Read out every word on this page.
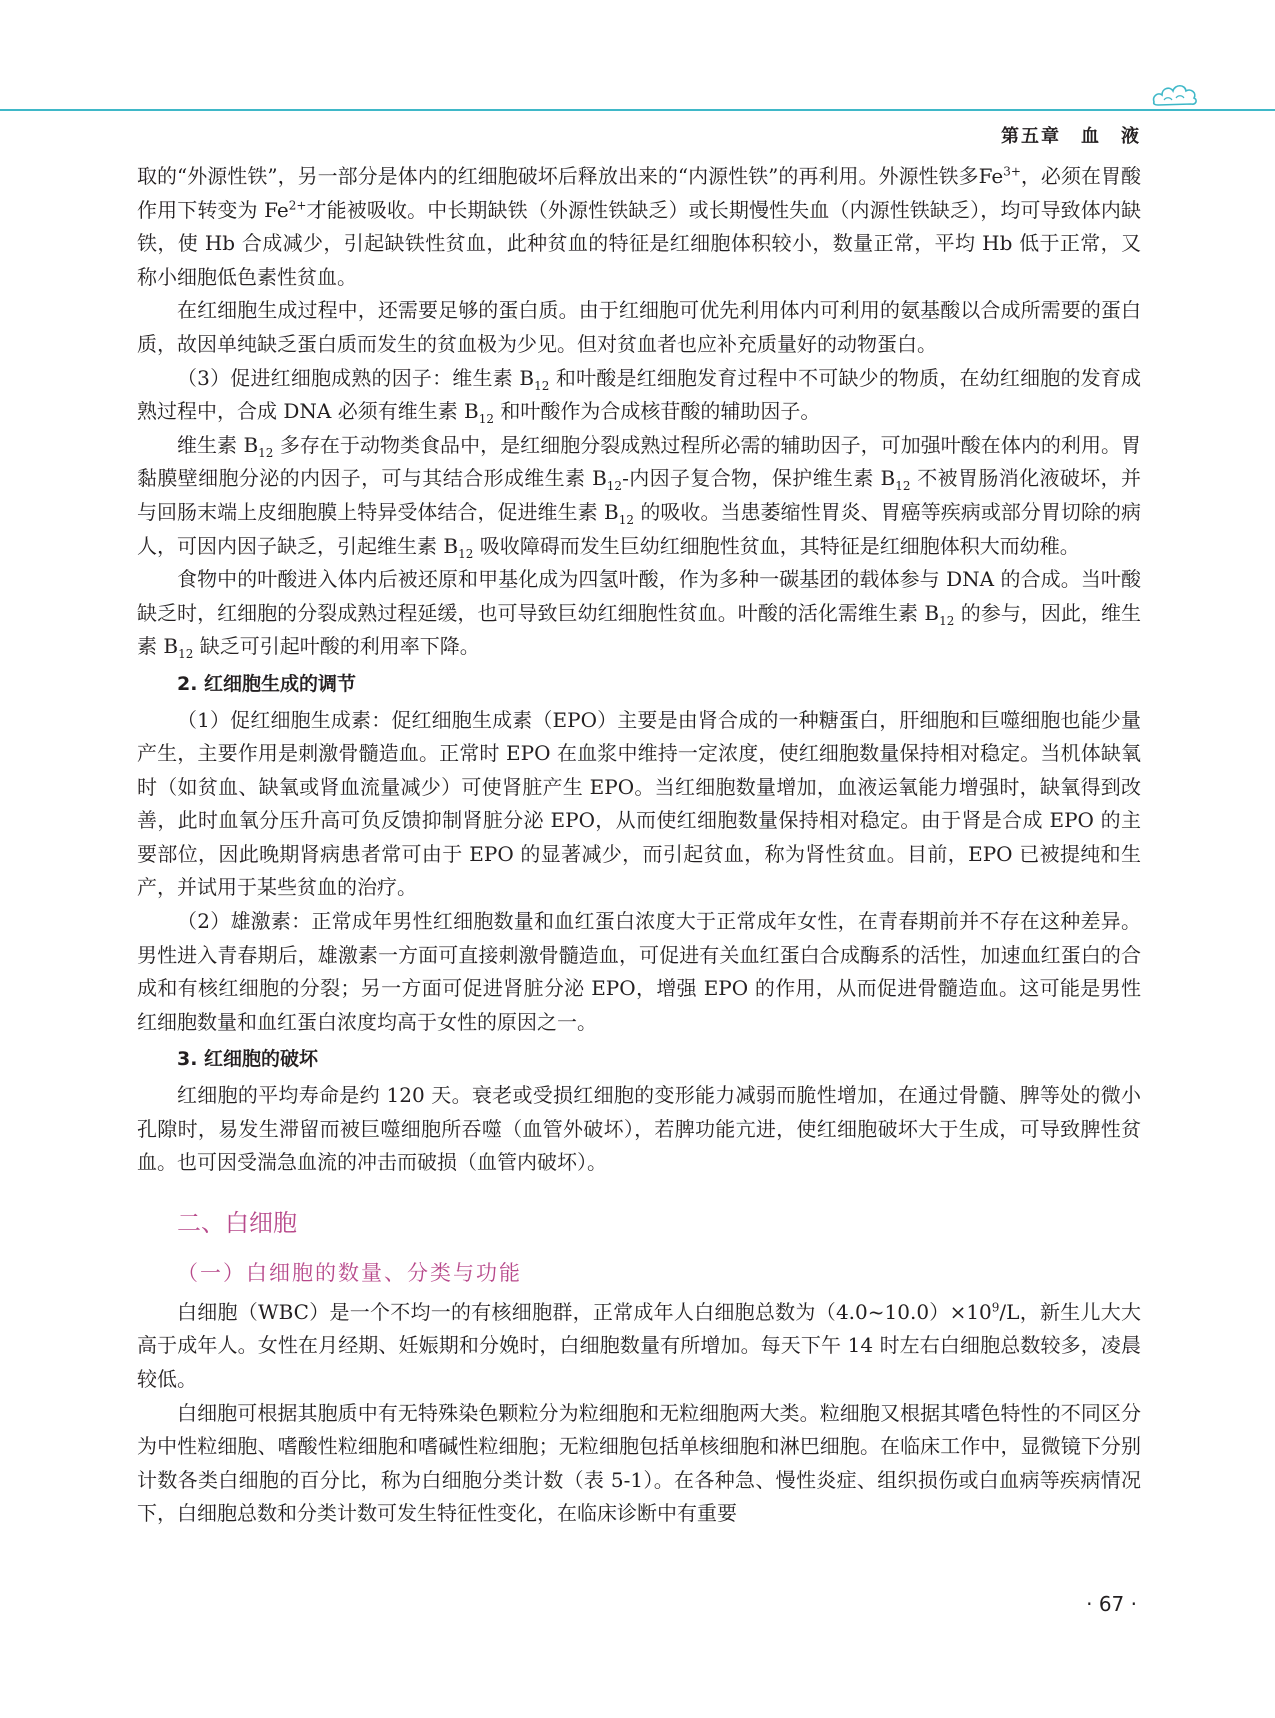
第五章　血　液

取的“外源性铁”，另一部分是体内的红细胞破坏后释放出来的“内源性铁”的再利用。外源性铁多$Fe^{3+}$，必须在胃酸作用下转变为 $Fe^{2+}$才能被吸收。中长期缺铁（外源性铁缺乏）或长期慢性失血（内源性铁缺乏），均可导致体内缺铁，使 Hb 合成减少，引起缺铁性贫血，此种贫血的特征是红细胞体积较小，数量正常，平均 Hb 低于正常，又称小细胞低色素性贫血。

在红细胞生成过程中，还需要足够的蛋白质。由于红细胞可优先利用体内可利用的氨基酸以合成所需要的蛋白质，故因单纯缺乏蛋白质而发生的贫血极为少见。但对贫血者也应补充质量好的动物蛋白。

（3）促进红细胞成熟的因子：维生素 $B_{12}$ 和叶酸是红细胞发育过程中不可缺少的物质，在幼红细胞的发育成熟过程中，合成 DNA 必须有维生素 $B_{12}$ 和叶酸作为合成核苷酸的辅助因子。

维生素 $B_{12}$ 多存在于动物类食品中，是红细胞分裂成熟过程所必需的辅助因子，可加强叶酸在体内的利用。胃黏膜壁细胞分泌的内因子，可与其结合形成维生素 $B_{12}-$内因子复合物，保护维生素 $B_{12}$ 不被胃肠消化液破坏，并与回肠末端上皮细胞膜上特异受体结合，促进维生素 $B_{12}$ 的吸收。当患萎缩性胃炎、胃癌等疾病或部分胃切除的病人，可因内因子缺乏，引起维生素 $B_{12}$ 吸收障碍而发生巨幼红细胞性贫血，其特征是红细胞体积大而幼稚。

食物中的叶酸进入体内后被还原和甲基化成为四氢叶酸，作为多种一碳基团的载体参与 DNA 的合成。当叶酸缺乏时，红细胞的分裂成熟过程延缓，也可导致巨幼红细胞性贫血。叶酸的活化需维生素 $B_{12}$ 的参与，因此，维生素 $B_{12}$ 缺乏可引起叶酸的利用率下降。

2. 红细胞生成的调节

（1）促红细胞生成素：促红细胞生成素（EPO）主要是由肾合成的一种糖蛋白，肝细胞和巨噬细胞也能少量产生，主要作用是刺激骨髓造血。正常时 EPO 在血浆中维持一定浓度，使红细胞数量保持相对稳定。当机体缺氧时（如贫血、缺氧或肾血流量减少）可使肾脏产生 EPO。当红细胞数量增加，血液运氧能力增强时，缺氧得到改善，此时血氧分压升高可负反馈抑制肾脏分泌 EPO，从而使红细胞数量保持相对稳定。由于肾是合成 EPO 的主要部位，因此晚期肾病患者常可由于 EPO 的显著减少，而引起贫血，称为肾性贫血。目前，EPO 已被提纯和生产，并试用于某些贫血的治疗。

（2）雄激素：正常成年男性红细胞数量和血红蛋白浓度大于正常成年女性，在青春期前并不存在这种差异。男性进入青春期后，雄激素一方面可直接刺激骨髓造血，可促进有关血红蛋白合成酶系的活性，加速血红蛋白的合成和有核红细胞的分裂；另一方面可促进肾脏分泌 EPO，增强 EPO 的作用，从而促进骨髓造血。这可能是男性红细胞数量和血红蛋白浓度均高于女性的原因之一。

3. 红细胞的破坏

红细胞的平均寿命是约 120 天。衰老或受损红细胞的变形能力减弱而脆性增加，在通过骨髓、脾等处的微小孔隙时，易发生滞留而被巨噬细胞所吞噬（血管外破坏），若脾功能亢进，使红细胞破坏大于生成，可导致脾性贫血。也可因受湍急血流的冲击而破损（血管内破坏）。

二、白细胞
（一）白细胞的数量、分类与功能

白细胞（WBC）是一个不均一的有核细胞群，正常成年人白细胞总数为$(4.0\sim 10.0)\times 10^9/L$，新生儿大大高于成年人。女性在月经期、妊娠期和分娩时，白细胞数量有所增加。每天下午 14 时左右白细胞总数较多，凌晨较低。

白细胞可根据其胞质中有无特殊染色颗粒分为粒细胞和无粒细胞两大类。粒细胞又根据其嗜色特性的不同区分为中性粒细胞、嗜酸性粒细胞和嗜碱性粒细胞；无粒细胞包括单核细胞和淋巴细胞。在临床工作中，显微镜下分别计数各类白细胞的百分比，称为白细胞分类计数（表 5-1）。在各种急、慢性炎症、组织损伤或白血病等疾病情况下，白细胞总数和分类计数可发生特征性变化，在临床诊断中有重要

· 67 ·
